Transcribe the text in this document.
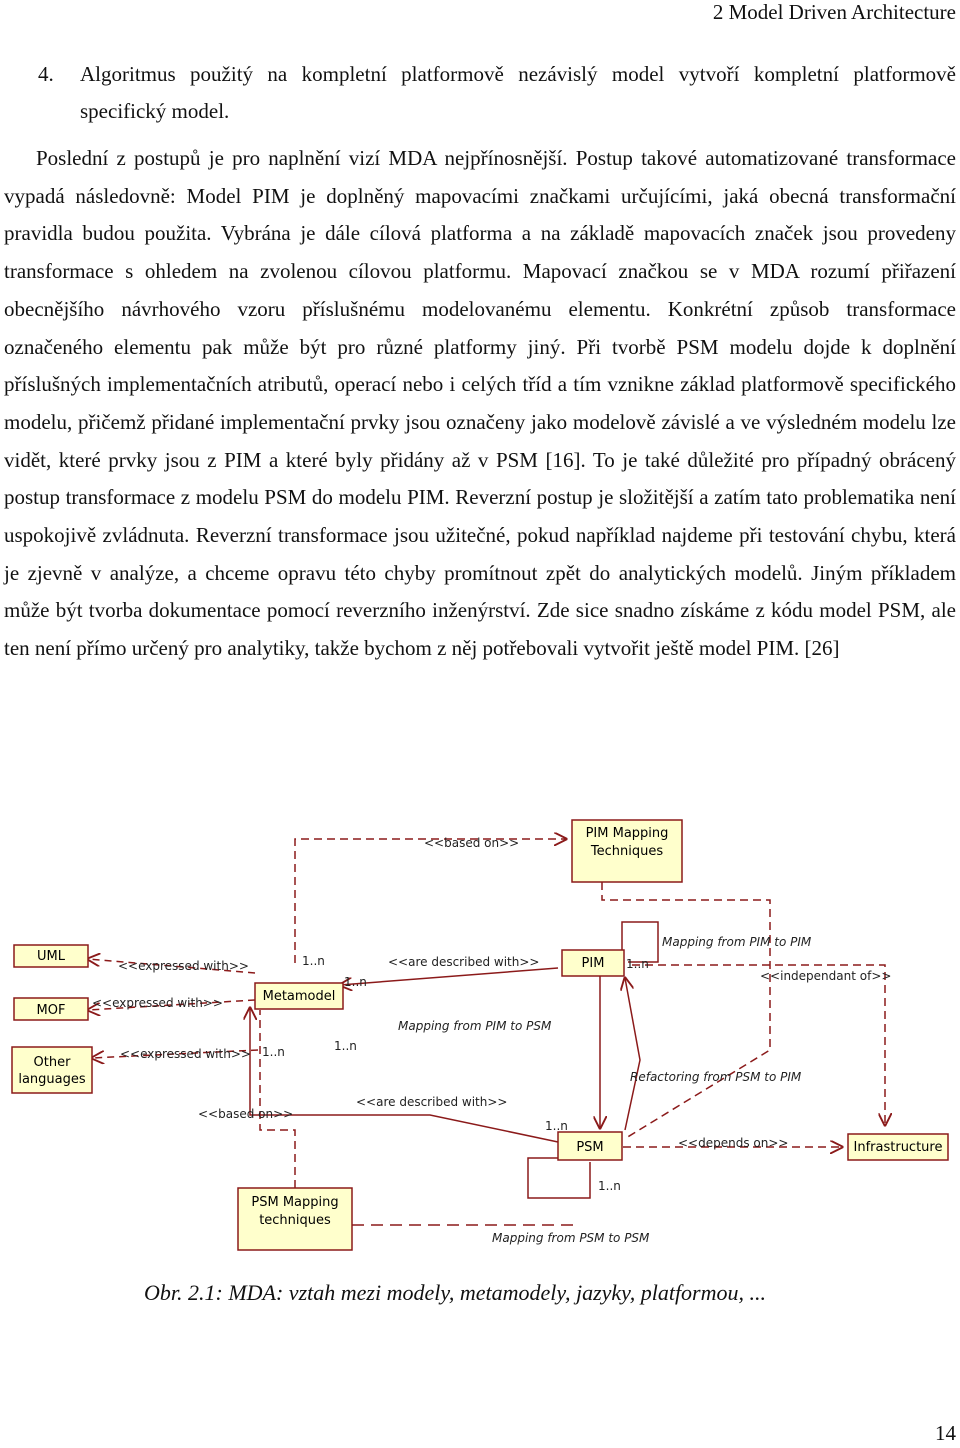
2 Model Driven Architecture
4. Algoritmus použitý na kompletní platformově nezávislý model vytvoří kompletní platformově specifický model.

Poslední z postupů je pro naplnění vizí MDA nejpřínosnější. Postup takové automatizované transformace vypadá následovně: Model PIM je doplněný mapovacími značkami určujícími, jaká obecná transformační pravidla budou použita. Vybrána je dále cílová platforma a na základě mapovacích značek jsou provedeny transformace s ohledem na zvolenou cílovou platformu. Mapovací značkou se v MDA rozumí přiřazení obecnějšího návrhového vzoru příslušnému modelovanému elementu. Konkrétní způsob transformace označeného elementu pak může být pro různé platformy jiný. Při tvorbě PSM modelu dojde k doplnění příslušných implementačních atributů, operací nebo i celých tříd a tím vznikne základ platformově specifického modelu, přičemž přidané implementační prvky jsou označeny jako modelově závislé a ve výsledném modelu lze vidět, které prvky jsou z PIM a které byly přidány až v PSM [16]. To je také důležité pro případný obrácený postup transformace z modelu PSM do modelu PIM. Reverzní postup je složitější a zatím tato problematika není uspokojivě zvládnuta. Reverzní transformace jsou užitečné, pokud například najdeme při testování chybu, která je zjevně v analýze, a chceme opravu této chyby promítnout zpět do analytických modelů. Jiným příkladem může být tvorba dokumentace pomocí reverzního inženýrství. Zde sice snadno získáme z kódu model PSM, ale ten není přímo určený pro analytiky, takže bychom z něj potřebovali vytvořit ještě model PIM. [26]

PIM Mapping
Techniques
UML
MOF
Other
languages
Metamodel
PIM
PSM	Infrastructure
PSM Mapping
techniques
<<based on>>
<<expressed with>>
<<expressed with>>
<<expressed with>>
1..n
1..n
1..n	1..n
<<are described with>>
<<are described with>>
1..n
1..n
1..n
<<depends on>>
<<independant of>>
<<based on>>
Mapping from PIM to PIM
Mapping from PIM to PSM
Refactoring from PSM to PIM
Mapping from PSM to PSM
Obr. 2.1: MDA: vztah mezi modely, metamodely, jazyky, platformou, ...
14
